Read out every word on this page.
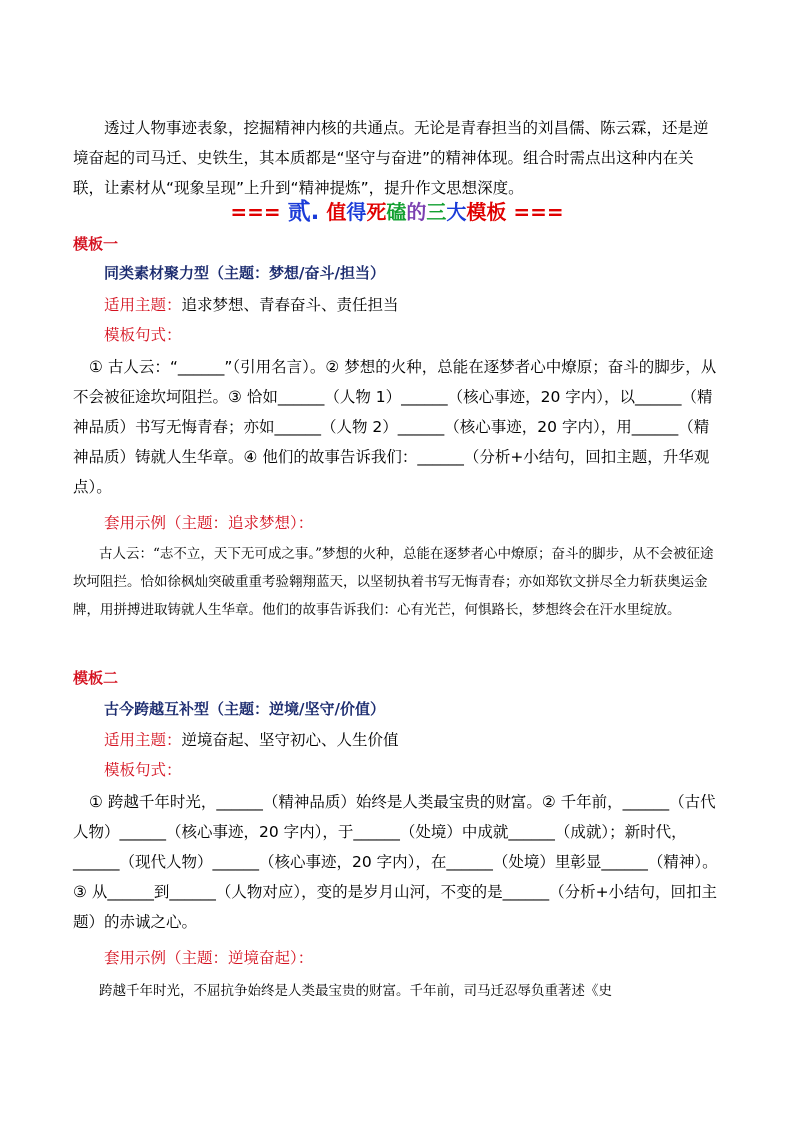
透过人物事迹表象，挖掘精神内核的共通点。无论是青春担当的刘昌儒、陈云霖，还是逆境奋起的司马迁、史铁生，其本质都是“坚守与奋进”的精神体现。组合时需点出这种内在关联，让素材从“现象呈现”上升到“精神提炼”，提升作文思想深度。

=== 贰. 值得死磕的三大模板 ===
模板一
同类素材聚力型（主题：梦想/奋斗/担当）
适用主题：追求梦想、青春奋斗、责任担当
模板句式：

① 古人云：“______”（引用名言）。② 梦想的火种，总能在逐梦者心中燎原；奋斗的脚步，从不会被征途坎坷阻拦。③ 恰如______（人物 1）______（核心事迹，20 字内），以______（精神品质）书写无悔青春；亦如______（人物 2）______（核心事迹，20 字内），用______（精神品质）铸就人生华章。④ 他们的故事告诉我们：______（分析+小结句，回扣主题，升华观点）。

套用示例（主题：追求梦想）：

古人云：“志不立，天下无可成之事。”梦想的火种，总能在逐梦者心中燎原；奋斗的脚步，从不会被征途坎坷阻拦。恰如徐枫灿突破重重考验翱翔蓝天，以坚韧执着书写无悔青春；亦如郑钦文拼尽全力斩获奥运金牌，用拼搏进取铸就人生华章。他们的故事告诉我们：心有光芒，何惧路长，梦想终会在汗水里绽放。

模板二
古今跨越互补型（主题：逆境/坚守/价值）
适用主题：逆境奋起、坚守初心、人生价值
模板句式：

① 跨越千年时光，______（精神品质）始终是人类最宝贵的财富。② 千年前，______（古代人物）______（核心事迹，20 字内），于______（处境）中成就______（成就）；新时代，______（现代人物）______（核心事迹，20 字内），在______（处境）里彰显______（精神）。③ 从______到______（人物对应），变的是岁月山河，不变的是______（分析+小结句，回扣主题）的赤诚之心。

套用示例（主题：逆境奋起）：

跨越千年时光，不屈抗争始终是人类最宝贵的财富。千年前，司马迁忍辱负重著述《史
